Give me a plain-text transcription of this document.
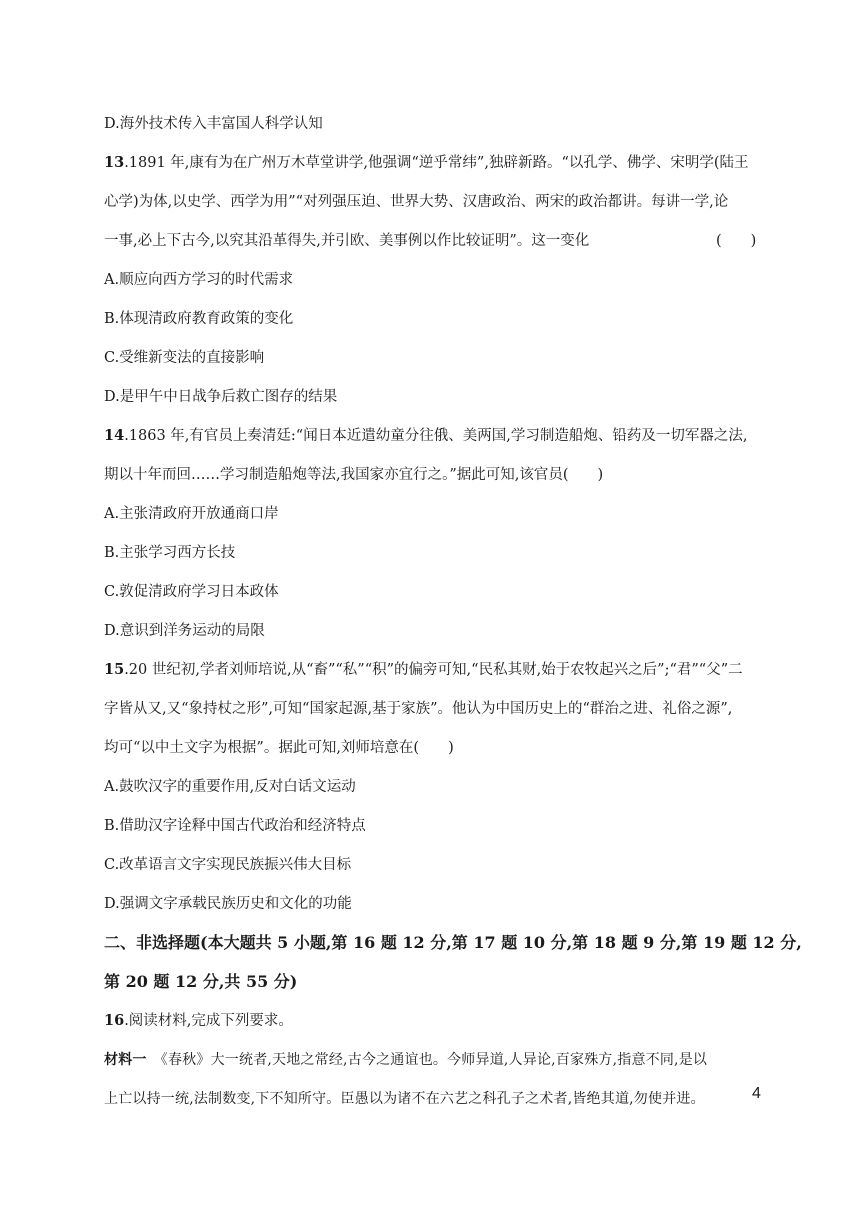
D.海外技术传入丰富国人科学认知
13.1891 年,康有为在广州万木草堂讲学,他强调“逆乎常纬”,独辟新路。“以孔学、佛学、宋明学(陆王
心学)为体,以史学、西学为用”“对列强压迫、世界大势、汉唐政治、两宋的政治都讲。每讲一学,论
一事,必上下古今,以究其沿革得失,并引欧、美事例以作比较证明”。这一变化	(　　)
A.顺应向西方学习的时代需求
B.体现清政府教育政策的变化
C.受维新变法的直接影响
D.是甲午中日战争后救亡图存的结果
14.1863 年,有官员上奏清廷:“闻日本近遣幼童分往俄、美两国,学习制造船炮、铅药及一切军器之法,
期以十年而回……学习制造船炮等法,我国家亦宜行之。”据此可知,该官员(　　)
A.主张清政府开放通商口岸
B.主张学习西方长技
C.敦促清政府学习日本政体
D.意识到洋务运动的局限
15.20 世纪初,学者刘师培说,从“畜”“私”“积”的偏旁可知,“民私其财,始于农牧起兴之后”;“君”“父”二
字皆从又,又“象持杖之形”,可知“国家起源,基于家族”。他认为中国历史上的“群治之进、礼俗之源”,
均可“以中土文字为根据”。据此可知,刘师培意在(　　)
A.鼓吹汉字的重要作用,反对白话文运动
B.借助汉字诠释中国古代政治和经济特点
C.改革语言文字实现民族振兴伟大目标
D.强调文字承载民族历史和文化的功能
二、非选择题(本大题共 5 小题,第 16 题 12 分,第 17 题 10 分,第 18 题 9 分,第 19 题 12 分,
第 20 题 12 分,共 55 分)
16.阅读材料,完成下列要求。
材料一　《春秋》大一统者,天地之常经,古今之通谊也。今师异道,人异论,百家殊方,指意不同,是以
上亡以持一统,法制数变,下不知所守。臣愚以为诸不在六艺之科孔子之术者,皆绝其道,勿使并进。	4
